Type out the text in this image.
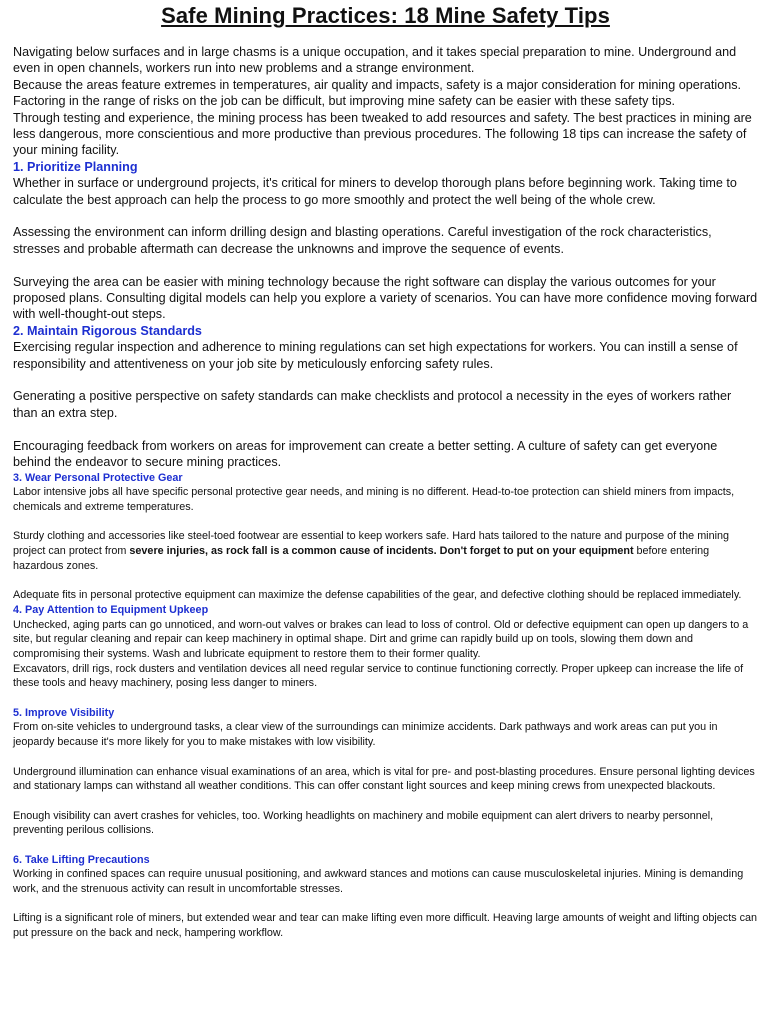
Safe Mining Practices: 18 Mine Safety Tips

Navigating below surfaces and in large chasms is a unique occupation, and it takes special preparation to mine. Underground and even in open channels, workers run into new problems and a strange environment.

Because the areas feature extremes in temperatures, air quality and impacts, safety is a major consideration for mining operations. Factoring in the range of risks on the job can be difficult, but improving mine safety can be easier with these safety tips.

Through testing and experience, the mining process has been tweaked to add resources and safety. The best practices in mining are less dangerous, more conscientious and more productive than previous procedures. The following 18 tips can increase the safety of your mining facility.

1. Prioritize Planning

Whether in surface or underground projects, it's critical for miners to develop thorough plans before beginning work. Taking time to calculate the best approach can help the process to go more smoothly and protect the well being of the whole crew.

Assessing the environment can inform drilling design and blasting operations. Careful investigation of the rock characteristics, stresses and probable aftermath can decrease the unknowns and improve the sequence of events.

Surveying the area can be easier with mining technology because the right software can display the various outcomes for your proposed plans. Consulting digital models can help you explore a variety of scenarios. You can have more confidence moving forward with well-thought-out steps.

2. Maintain Rigorous Standards

Exercising regular inspection and adherence to mining regulations can set high expectations for workers. You can instill a sense of responsibility and attentiveness on your job site by meticulously enforcing safety rules.

Generating a positive perspective on safety standards can make checklists and protocol a necessity in the eyes of workers rather than an extra step.

Encouraging feedback from workers on areas for improvement can create a better setting. A culture of safety can get everyone behind the endeavor to secure mining practices.

3. Wear Personal Protective Gear

Labor intensive jobs all have specific personal protective gear needs, and mining is no different. Head-to-toe protection can shield miners from impacts, chemicals and extreme temperatures.

Sturdy clothing and accessories like steel-toed footwear are essential to keep workers safe. Hard hats tailored to the nature and purpose of the mining project can protect from severe injuries, as rock fall is a common cause of incidents. Don't forget to put on your equipment before entering hazardous zones.

Adequate fits in personal protective equipment can maximize the defense capabilities of the gear, and defective clothing should be replaced immediately.

4. Pay Attention to Equipment Upkeep

Unchecked, aging parts can go unnoticed, and worn-out valves or brakes can lead to loss of control. Old or defective equipment can open up dangers to a site, but regular cleaning and repair can keep machinery in optimal shape. Dirt and grime can rapidly build up on tools, slowing them down and compromising their systems. Wash and lubricate equipment to restore them to their former quality.

Excavators, drill rigs, rock dusters and ventilation devices all need regular service to continue functioning correctly. Proper upkeep can increase the life of these tools and heavy machinery, posing less danger to miners.

5. Improve Visibility

From on-site vehicles to underground tasks, a clear view of the surroundings can minimize accidents. Dark pathways and work areas can put you in jeopardy because it's more likely for you to make mistakes with low visibility.

Underground illumination can enhance visual examinations of an area, which is vital for pre- and post-blasting procedures. Ensure personal lighting devices and stationary lamps can withstand all weather conditions. This can offer constant light sources and keep mining crews from unexpected blackouts.

Enough visibility can avert crashes for vehicles, too. Working headlights on machinery and mobile equipment can alert drivers to nearby personnel, preventing perilous collisions.

6. Take Lifting Precautions

Working in confined spaces can require unusual positioning, and awkward stances and motions can cause musculoskeletal injuries. Mining is demanding work, and the strenuous activity can result in uncomfortable stresses.

Lifting is a significant role of miners, but extended wear and tear can make lifting even more difficult. Heaving large amounts of weight and lifting objects can put pressure on the back and neck, hampering workflow.
